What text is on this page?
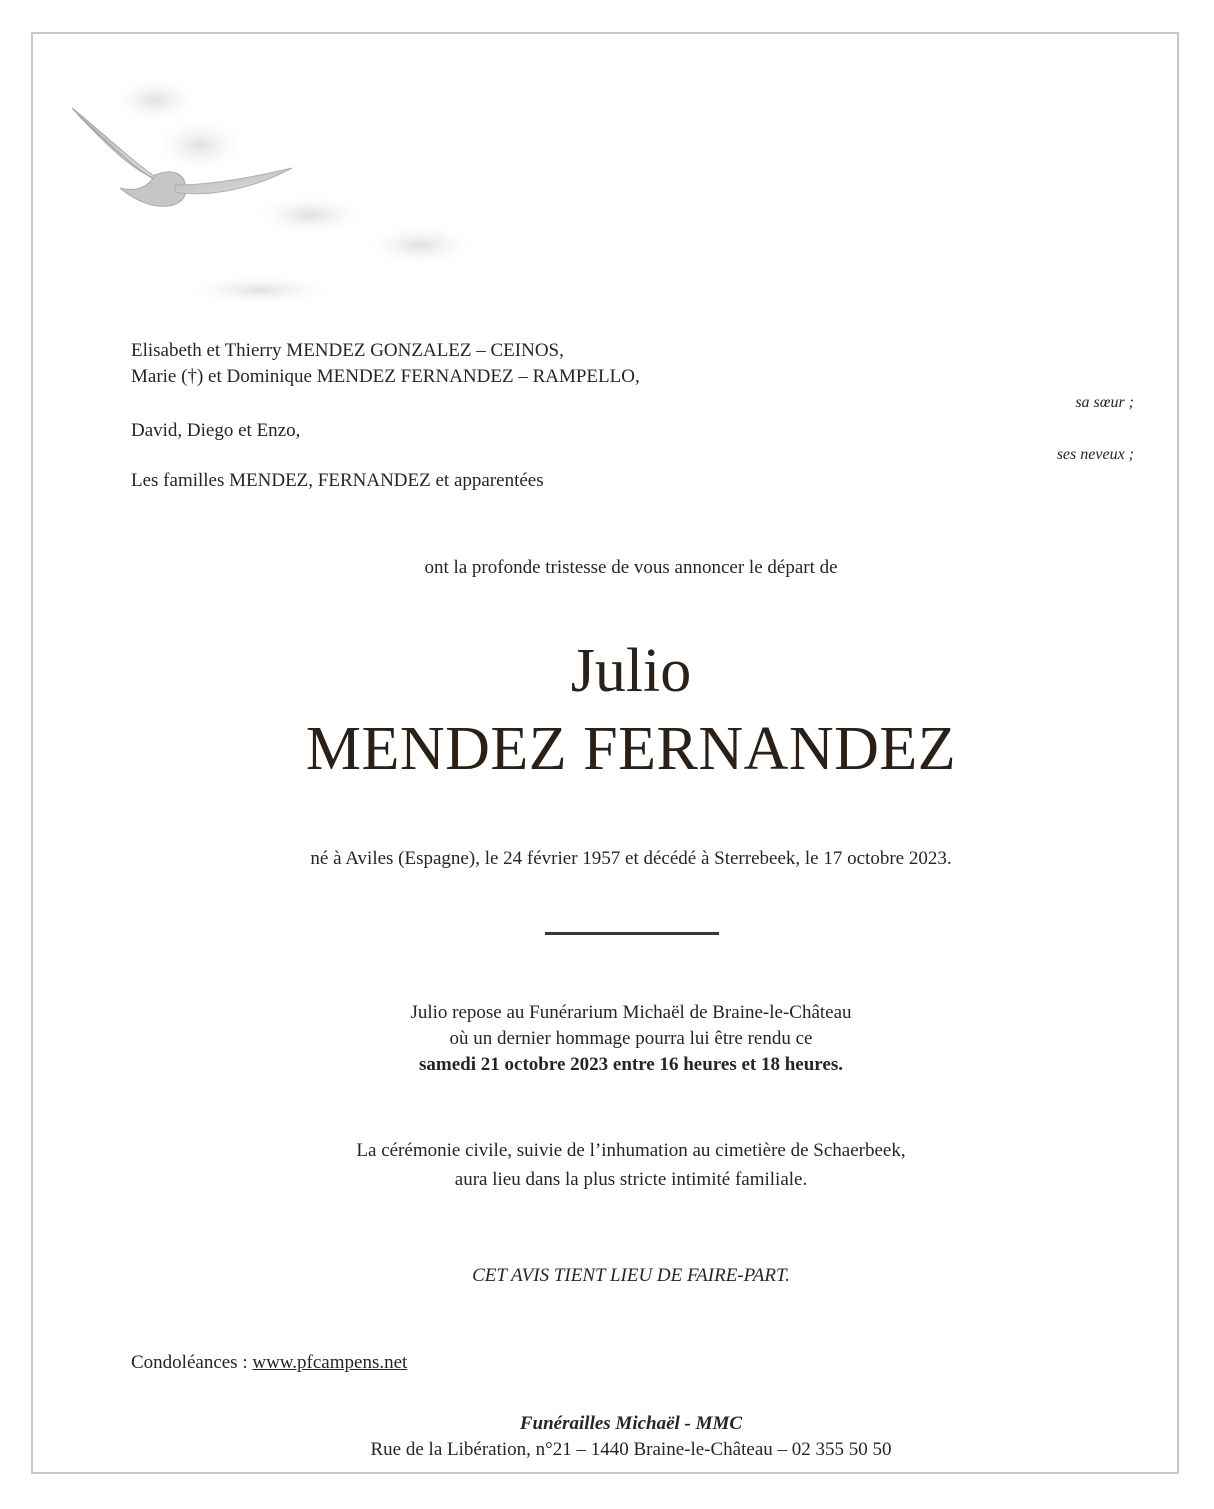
Elisabeth et Thierry MENDEZ GONZALEZ – CEINOS,
Marie (†) et Dominique MENDEZ FERNANDEZ – RAMPELLO,
sa sœur ;
David, Diego et Enzo,
ses neveux ;
Les familles MENDEZ, FERNANDEZ et apparentées
ont la profonde tristesse de vous annoncer le départ de
Julio
MENDEZ FERNANDEZ
né à Aviles (Espagne), le 24 février 1957 et décédé à Sterrebeek, le 17 octobre 2023.
Julio repose au Funérarium Michaël de Braine-le-Château
où un dernier hommage pourra lui être rendu ce
samedi 21 octobre 2023 entre 16 heures et 18 heures.
La cérémonie civile, suivie de l’inhumation au cimetière de Schaerbeek,
aura lieu dans la plus stricte intimité familiale.
CET AVIS TIENT LIEU DE FAIRE-PART.
Condoléances : www.pfcampens.net
Funérailles Michaël - MMC
Rue de la Libération, n°21 – 1440 Braine-le-Château – 02 355 50 50
